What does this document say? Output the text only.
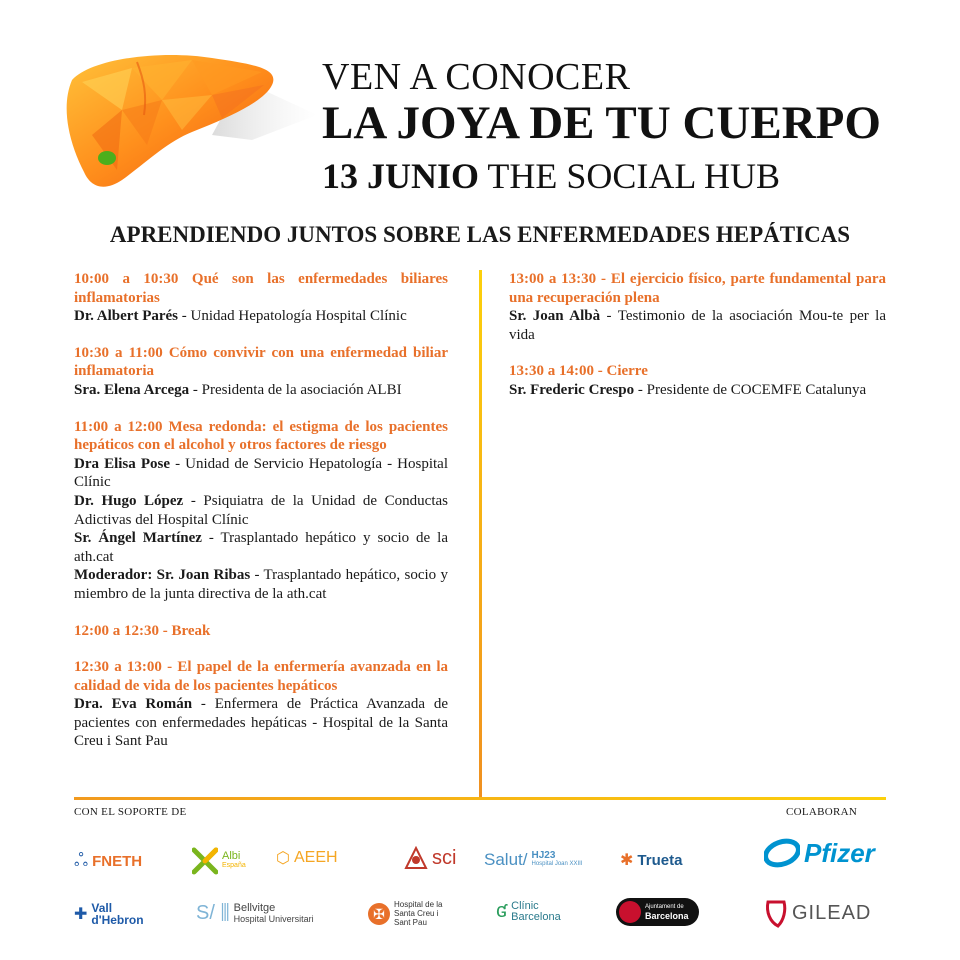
VEN A CONOCER
LA JOYA DE TU CUERPO
13 JUNIO THE SOCIAL HUB
APRENDIENDO JUNTOS SOBRE LAS ENFERMEDADES HEPÁTICAS

10:00 a 10:30 Qué son las enfermedades biliares inflamatorias

Dr. Albert Parés - Unidad Hepatología Hospital Clínic

10:30 a 11:00 Cómo convivir con una enfermedad biliar inflamatoria

Sra. Elena Arcega - Presidenta de la asociación ALBI

11:00 a 12:00 Mesa redonda: el estigma de los pacientes hepáticos con el alcohol y otros factores de riesgo

Dra Elisa Pose - Unidad de Servicio Hepatología - Hospital Clínic

Dr. Hugo López - Psiquiatra de la Unidad de Conductas Adictivas del Hospital Clínic

Sr. Ángel Martínez - Trasplantado hepático y socio de la ath.cat

Moderador: Sr. Joan Ribas - Trasplantado hepático, socio y miembro de la junta directiva de la ath.cat

12:00 a 12:30 - Break

12:30 a 13:00 - El papel de la enfermería avanzada en la calidad de vida de los pacientes hepáticos

Dra. Eva Román - Enfermera de Práctica Avanzada de pacientes con enfermedades hepáticas - Hospital de la Santa Creu i Sant Pau

13:00 a 13:30 - El ejercicio físico, parte fundamental para una recuperación plena

Sr. Joan Albà - Testimonio de la asociación Mou-te per la vida

13:30 a 14:00 - Cierre

Sr. Frederic Crespo - Presidente de COCEMFE Catalunya

CON EL SOPORTE DE	COLABORAN
ஃ FNETH	Albi
España ⬡ AEEH	sci Salut/ HJ23
Hospital Joan XXIII ✱ Trueta	Pfizer
✚ Vall d'Hebron	S/ ⫼ Bellvitge
Hospital Universitari	✠
Hospital de la Santa Creu i Sant Pau
ʛ Clínic Barcelona
Ajuntament de
Barcelona	GILEAD
